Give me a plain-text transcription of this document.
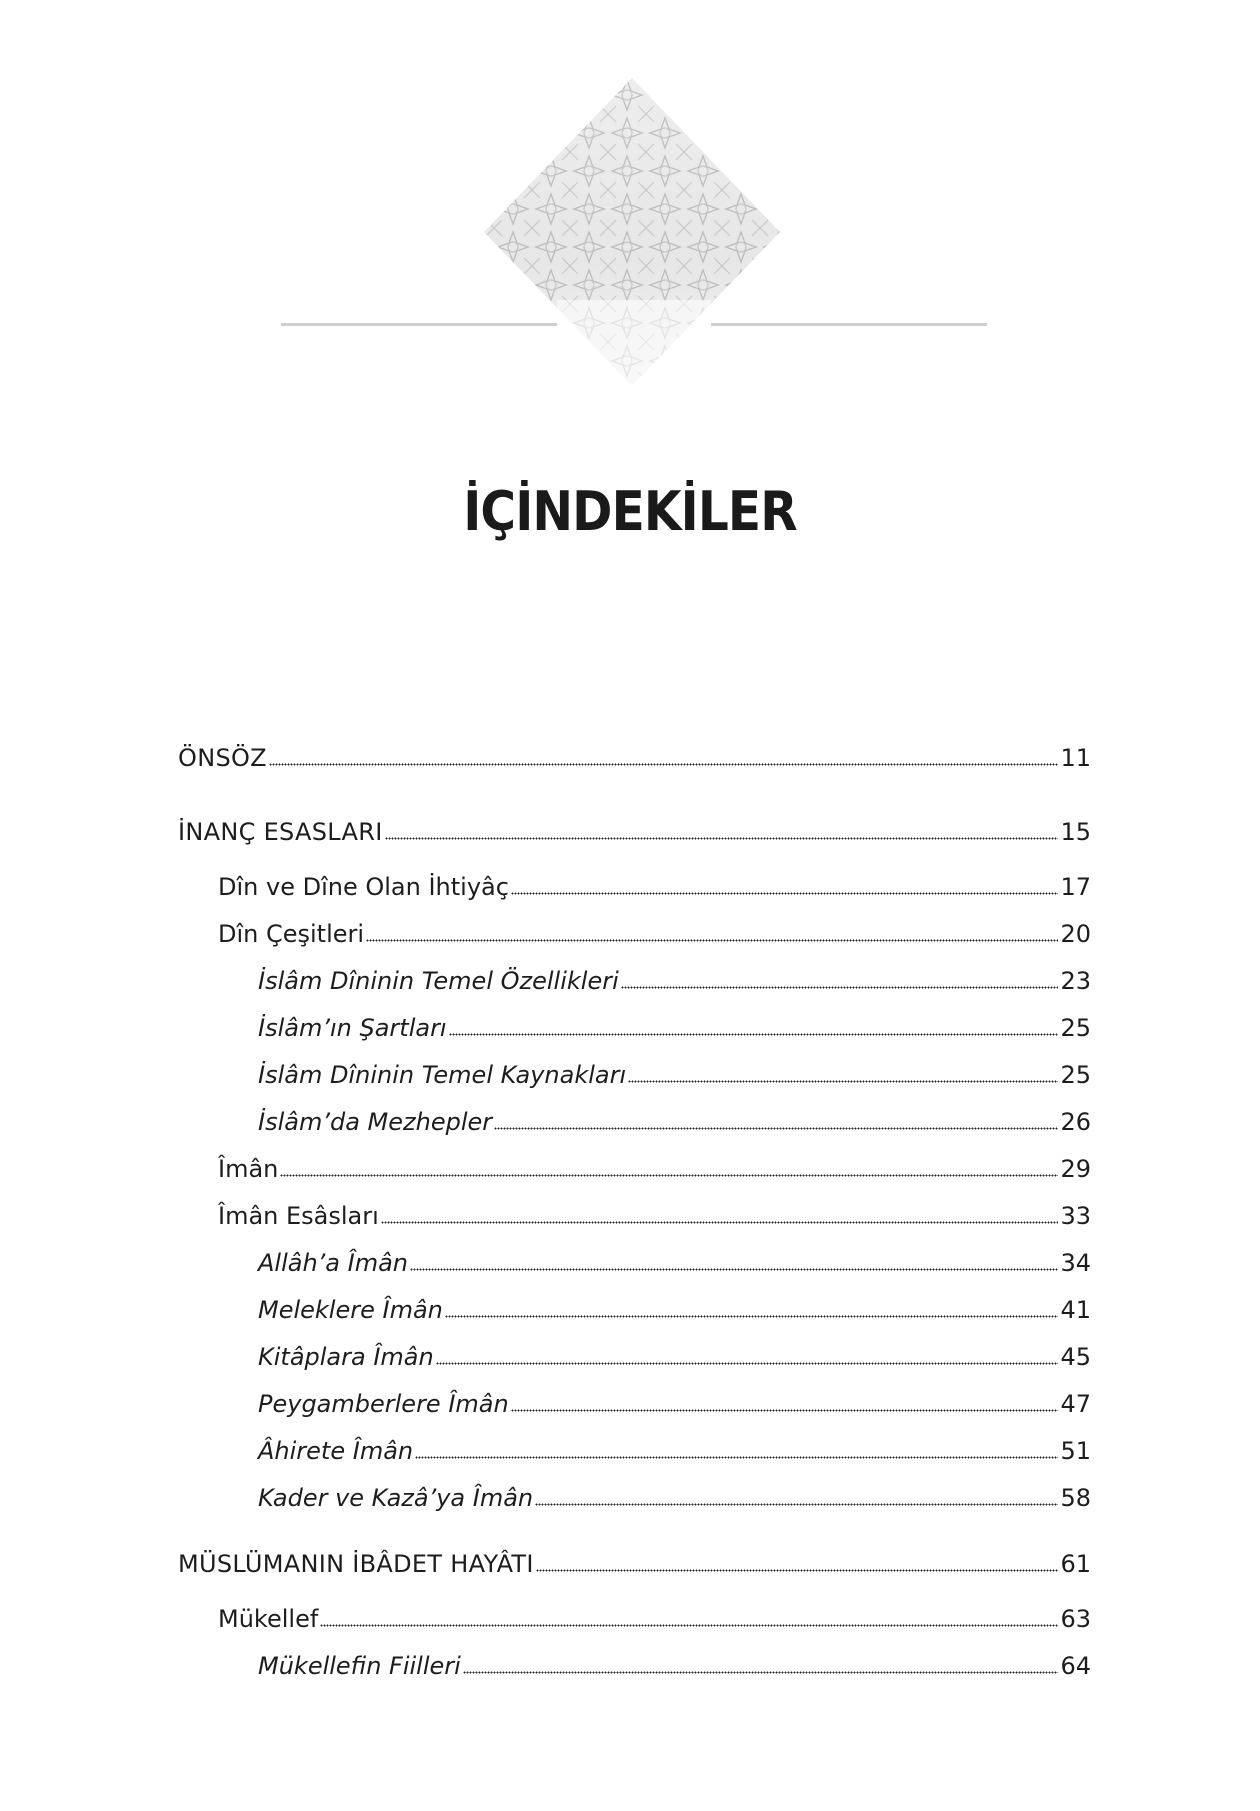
İÇİNDEKİLER
ÖNSÖZ	11
İNANÇ ESASLARI	15
Dîn ve Dîne Olan İhtiyâç	17
Dîn Çeşitleri	20
İslâm Dîninin Temel Özellikleri	23
İslâm’ın Şartları	25
İslâm Dîninin Temel Kaynakları	25
İslâm’da Mezhepler	26
Îmân	29
Îmân Esâsları	33
Allâh’a Îmân	34
Meleklere Îmân	41
Kitâplara Îmân	45
Peygamberlere Îmân	47
Âhirete Îmân	51
Kader ve Kazâ’ya Îmân	58
MÜSLÜMANIN İBÂDET HAYÂTI	61
Mükellef	63
Mükellefin Fiilleri	64
